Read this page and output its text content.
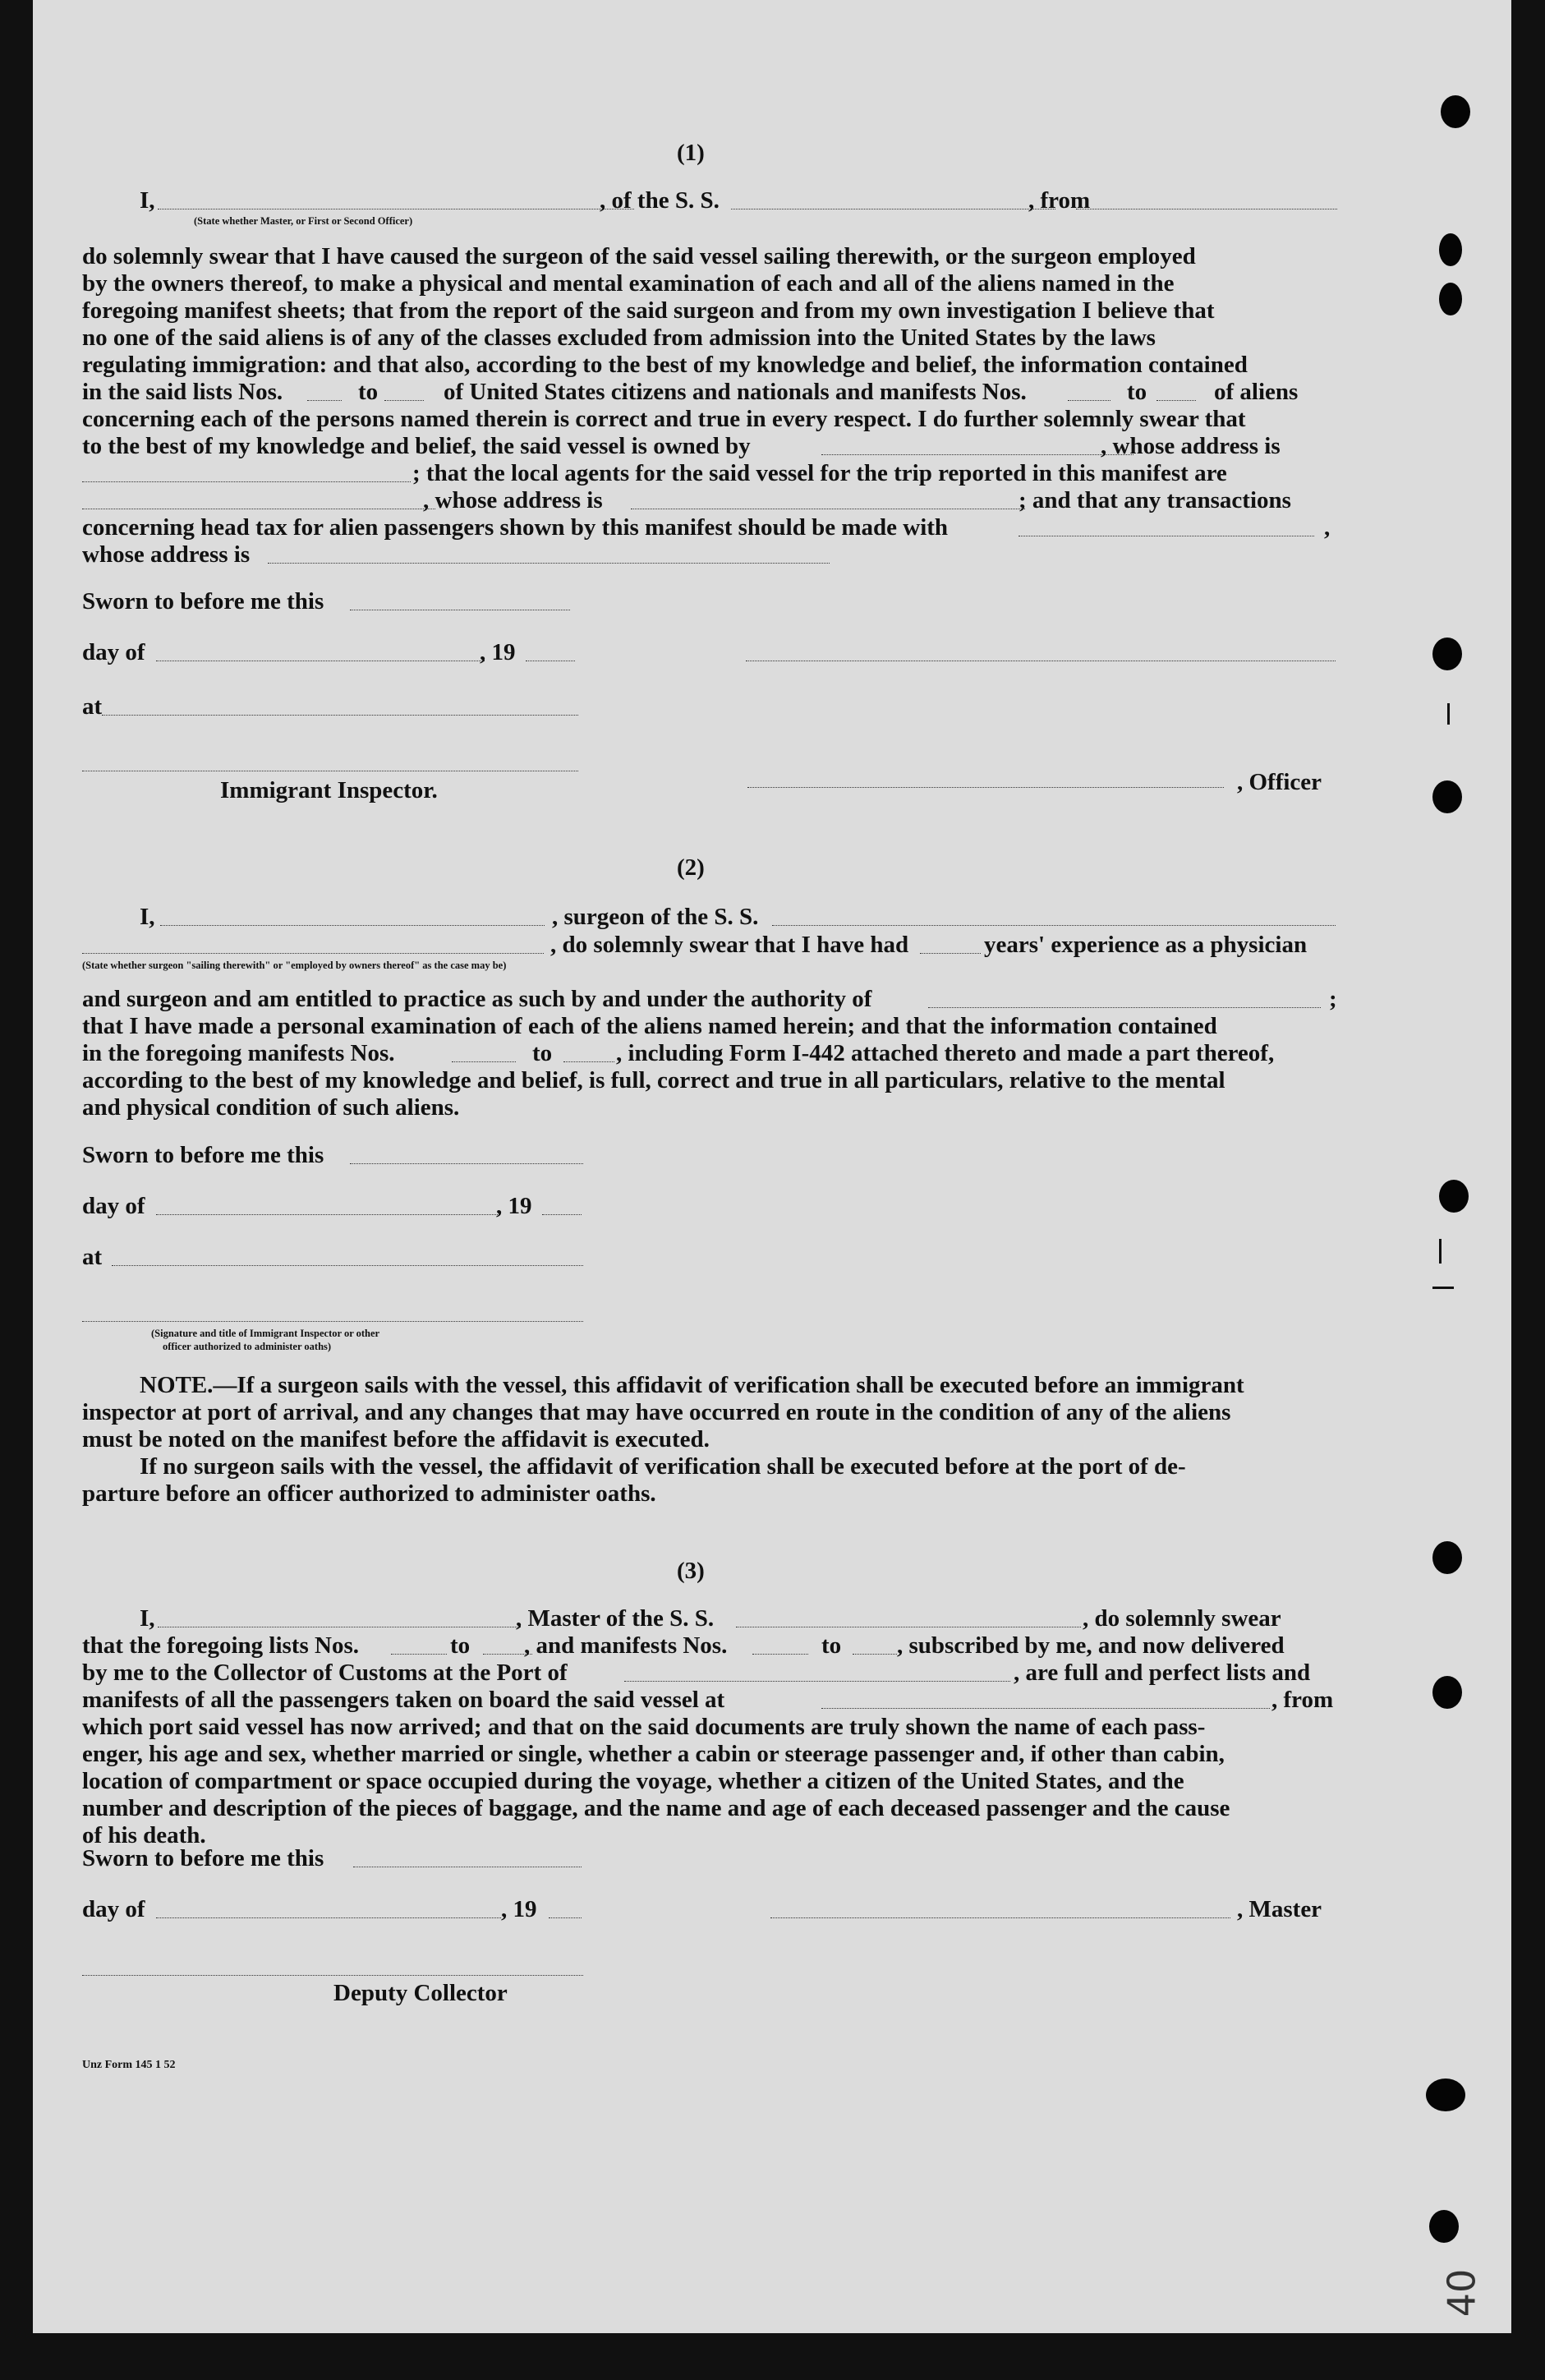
(1)
I,	, of the S. S.	, from
(State whether Master, or First or Second Officer)
do solemnly swear that I have caused the surgeon of the said vessel sailing therewith, or the surgeon employed
by the owners thereof, to make a physical and mental examination of each and all of the aliens named in the
foregoing manifest sheets; that from the report of the said surgeon and from my own investigation I believe that
no one of the said aliens is of any of the classes excluded from admission into the United States by the laws
regulating immigration: and that also, according to the best of my knowledge and belief, the information contained
in the said lists Nos.	to	of United States citizens and nationals and manifests Nos.	to	of aliens
concerning each of the persons named therein is correct and true in every respect. I do further solemnly swear that
to the best of my knowledge and belief, the said vessel is owned by	, whose address is
; that the local agents for the said vessel for the trip reported in this manifest are
, whose address is	; and that any transactions
concerning head tax for alien passengers shown by this manifest should be made with	,
whose address is
Sworn to before me this
day of	, 19
at
Immigrant Inspector.	, Officer
(2)
I,	, surgeon of the S. S.
, do solemnly swear that I have had	years' experience as a physician
(State whether surgeon "sailing therewith" or "employed by owners thereof" as the case may be)
and surgeon and am entitled to practice as such by and under the authority of	;
that I have made a personal examination of each of the aliens named herein; and that the information contained
in the foregoing manifests Nos.	to	, including Form I-442 attached thereto and made a part thereof,
according to the best of my knowledge and belief, is full, correct and true in all particulars, relative to the mental
and physical condition of such aliens.
Sworn to before me this
day of	, 19
at
(Signature and title of Immigrant Inspector or other
officer authorized to administer oaths)
NOTE.—If a surgeon sails with the vessel, this affidavit of verification shall be executed before an immigrant
inspector at port of arrival, and any changes that may have occurred en route in the condition of any of the aliens
must be noted on the manifest before the affidavit is executed.
If no surgeon sails with the vessel, the affidavit of verification shall be executed before at the port of de-
parture before an officer authorized to administer oaths.
(3)
I,	, Master of the S. S.	, do solemnly swear
that the foregoing lists Nos.	to , and manifests Nos.	to , subscribed by me, and now delivered
by me to the Collector of Customs at the Port of	, are full and perfect lists and
manifests of all the passengers taken on board the said vessel at	, from
which port said vessel has now arrived; and that on the said documents are truly shown the name of each pass-
enger, his age and sex, whether married or single, whether a cabin or steerage passenger and, if other than cabin,
location of compartment or space occupied during the voyage, whether a citizen of the United States, and the
number and description of the pieces of baggage, and the name and age of each deceased passenger and the cause
of his death.
Sworn to before me this
day of	, 19	, Master
Deputy Collector
Unz Form 145 1 52
40
